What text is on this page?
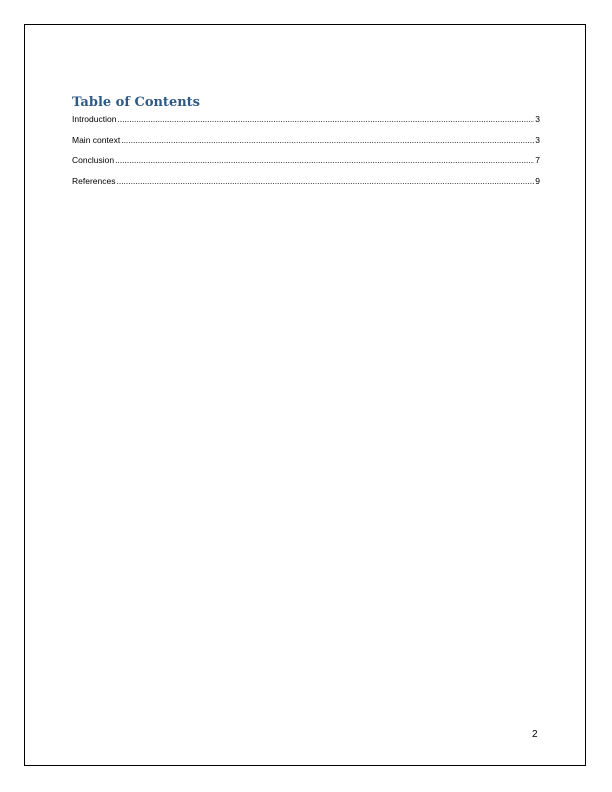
Table of Contents
Introduction .....	3
Main context .....	3
Conclusion .....	7
References .....	9
2
